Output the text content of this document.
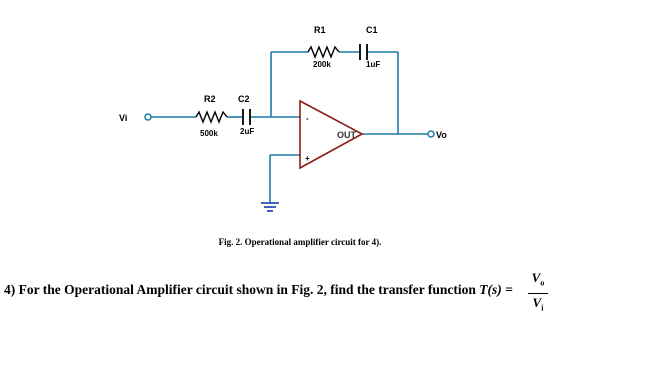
-
+
OUT
Vi
Vo
R2
500k
C2
2uF
R1
200k
C1
1uF
Fig. 2. Operational amplifier circuit for 4).
4) For the Operational Amplifier circuit shown in Fig. 2, find the transfer function T(s) =
$V_o$
$V_i$
